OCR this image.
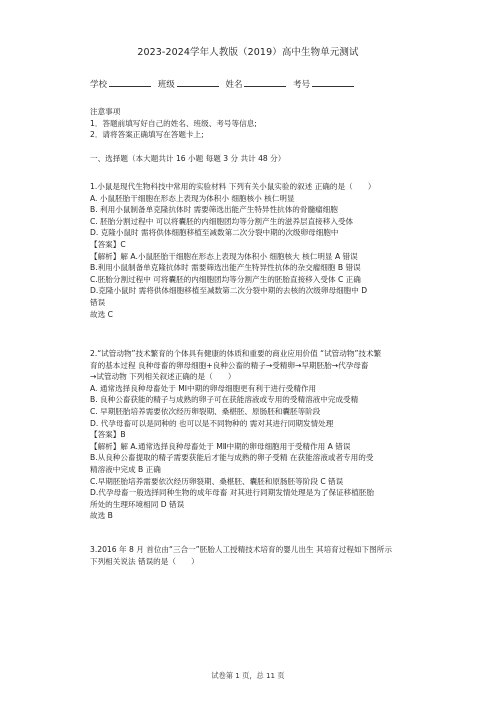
2023-2024学年人教版（2019）高中生物单元测试
学校	班级	姓名	考号
注意事项
1．答题前填写好自己的姓名、班级、考号等信息;
2．请将答案正确填写在答题卡上;
一、选择题（本大题共计 16 小题 每题 3 分 共计 48 分）
1.小鼠是现代生物科技中常用的实验材料 下列有关小鼠实验的叙述 正确的是（　　）
A. 小鼠胚胎干细胞在形态上表现为体积小 细胞核小 核仁明显
B. 利用小鼠制备单克隆抗体时 需要筛选出能产生特异性抗体的骨髓瘤细胞
C. 胚胎分割过程中 可以将囊胚的内细胞团均等分割产生的滋养层直接移入受体
D. 克隆小鼠时 需将供体细胞移植至减数第二次分裂中期的次级卵母细胞中
【答案】C
【解析】解 A.小鼠胚胎干细胞在形态上表现为体积小 细胞核大 核仁明显 A 错误
B.利用小鼠制备单克隆抗体时 需要筛选出能产生特异性抗体的杂交瘤细胞 B 错误
C.胚胎分割过程中 可将囊胚的内细胞团均等分割产生的胚胎直接移入受体 C 正确
D.克隆小鼠时 需将供体细胞移植至减数第二次分裂中期的去核的次级卵母细胞中 D
错误
故选 C
2.“试管动物”技术繁育的个体具有健康的体质和重要的商业应用价值 “试管动物”技术繁
育的基本过程 良种母畜的卵母细胞+良种公畜的精子→受精卵→早期胚胎→代孕母畜
→试管动物 下列相关叙述正确的是（　　）
A. 通常选择良种母畜处于 MⅠ中期的卵母细胞更有利于进行受精作用
B. 良种公畜获能的精子与成熟的卵子可在获能溶液或专用的受精溶液中完成受精
C. 早期胚胎培养需要依次经历卵裂期、桑椹胚、原肠胚和囊胚等阶段
D. 代孕母畜可以是同种的 也可以是不同物种的 需对其进行同期发情处理
【答案】B
【解析】解 A.通常选择良种母畜处于 MⅡ中期的卵母细胞用于受精作用 A 错误
B.从良种公畜提取的精子需要获能后才能与成熟的卵子受精 在获能溶液或者专用的受
精溶液中完成 B 正确
C.早期胚胎培养需要依次经历卵裂期、桑椹胚、囊胚和原肠胚等阶段 C 错误
D.代孕母畜一般选择同种生物的成年母畜 对其进行同期发情处理是为了保证移植胚胎
所处的生理环境相同 D 错误
故选 B
3.2016 年 8 月 首位由“三合一”胚胎人工授精技术培育的婴儿出生 其培育过程如下图所示
下列相关说法 错误的是（　　）
试卷第 1 页，总 11 页
